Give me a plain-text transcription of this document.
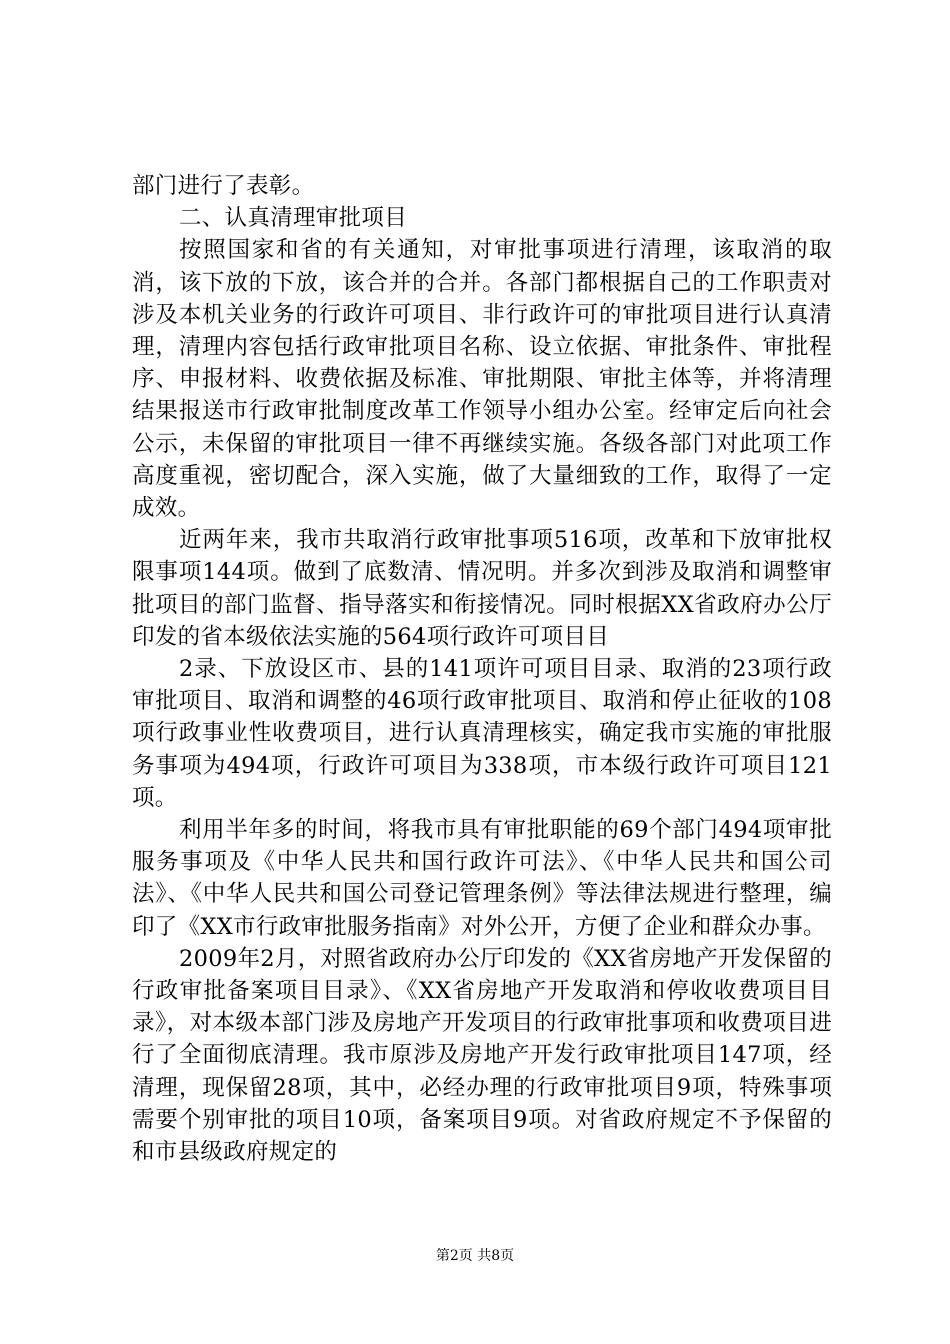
部门进行了表彰。

二、认真清理审批项目

按照国家和省的有关通知，对审批事项进行清理，该取消的取消，该下放的下放，该合并的合并。各部门都根据自己的工作职责对涉及本机关业务的行政许可项目、非行政许可的审批项目进行认真清理，清理内容包括行政审批项目名称、设立依据、审批条件、审批程序、申报材料、收费依据及标准、审批期限、审批主体等，并将清理结果报送市行政审批制度改革工作领导小组办公室。经审定后向社会公示，未保留的审批项目一律不再继续实施。各级各部门对此项工作高度重视，密切配合，深入实施，做了大量细致的工作，取得了一定成效。

近两年来，我市共取消行政审批事项516项，改革和下放审批权限事项144项。做到了底数清、情况明。并多次到涉及取消和调整审批项目的部门监督、指导落实和衔接情况。同时根据XX省政府办公厅印发的省本级依法实施的564项行政许可项目目

2录、下放设区市、县的141项许可项目目录、取消的23项行政审批项目、取消和调整的46项行政审批项目、取消和停止征收的108项行政事业性收费项目，进行认真清理核实，确定我市实施的审批服务事项为494项，行政许可项目为338项，市本级行政许可项目121项。

利用半年多的时间，将我市具有审批职能的69个部门494项审批服务事项及《中华人民共和国行政许可法》、《中华人民共和国公司法》、《中华人民共和国公司登记管理条例》等法律法规进行整理，编印了《XX市行政审批服务指南》对外公开，方便了企业和群众办事。

2009年2月，对照省政府办公厅印发的《XX省房地产开发保留的行政审批备案项目目录》、《XX省房地产开发取消和停收收费项目目录》，对本级本部门涉及房地产开发项目的行政审批事项和收费项目进行了全面彻底清理。我市原涉及房地产开发行政审批项目147项，经清理，现保留28项，其中，必经办理的行政审批项目9项，特殊事项需要个别审批的项目10项，备案项目9项。对省政府规定不予保留的和市县级政府规定的

第2页 共8页
